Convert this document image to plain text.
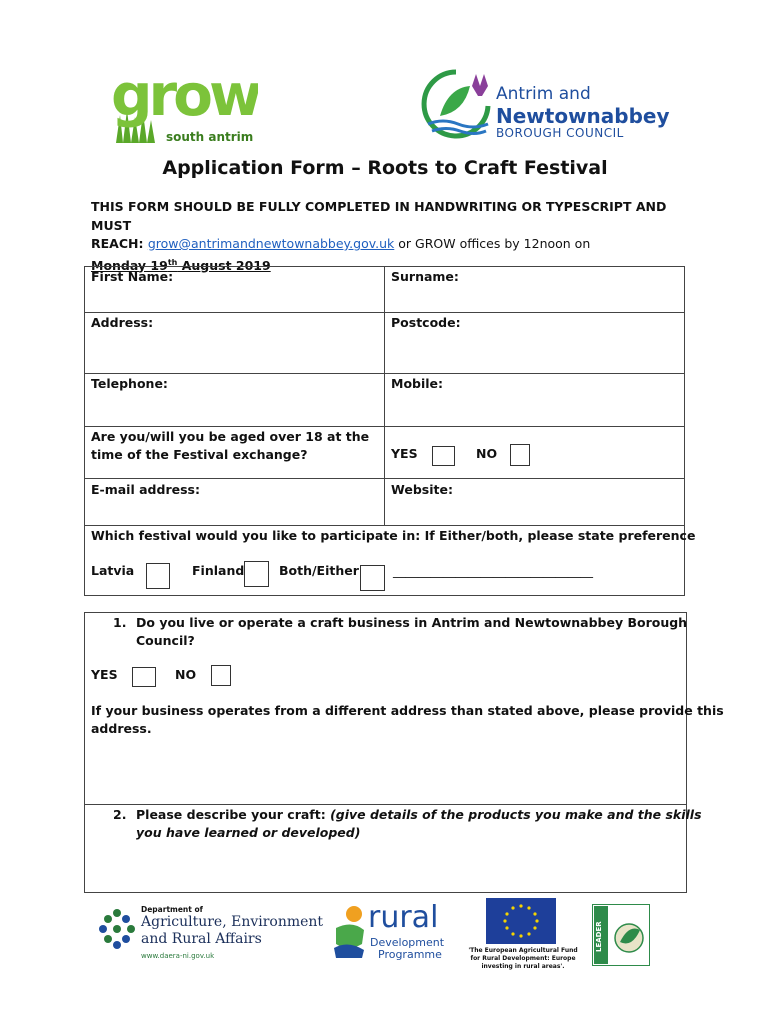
grow
south antrim
Antrim and
Newtownabbey
BOROUGH COUNCIL
Application Form – Roots to Craft Festival
THIS FORM SHOULD BE FULLY COMPLETED IN HANDWRITING OR TYPESCRIPT AND MUST
REACH: grow@antrimandnewtownabbey.gov.uk or GROW offices by 12noon on
Monday 19th August 2019
First Name:	Surname:
Address:	Postcode:
Telephone:	Mobile:
Are you/will you be aged over 18 at the
time of the Festival exchange?	YES	NO
E-mail address:	Website:
Which festival would you like to participate in: If Either/both, please state preference
Latvia	Finland	Both/Either	________________________________
1. Do you live or operate a craft business in Antrim and Newtownabbey Borough
Council?
YES	NO
If your business operates from a different address than stated above, please provide this
address.
2. Please describe your craft: (give details of the products you make and the skills
you have learned or developed)
Department of
Agriculture, Environment
and Rural Affairs
www.daera-ni.gov.uk
rural
Development
Programme	'The European Agricultural Fund
for Rural Development: Europe
investing in rural areas'.
LEADER
